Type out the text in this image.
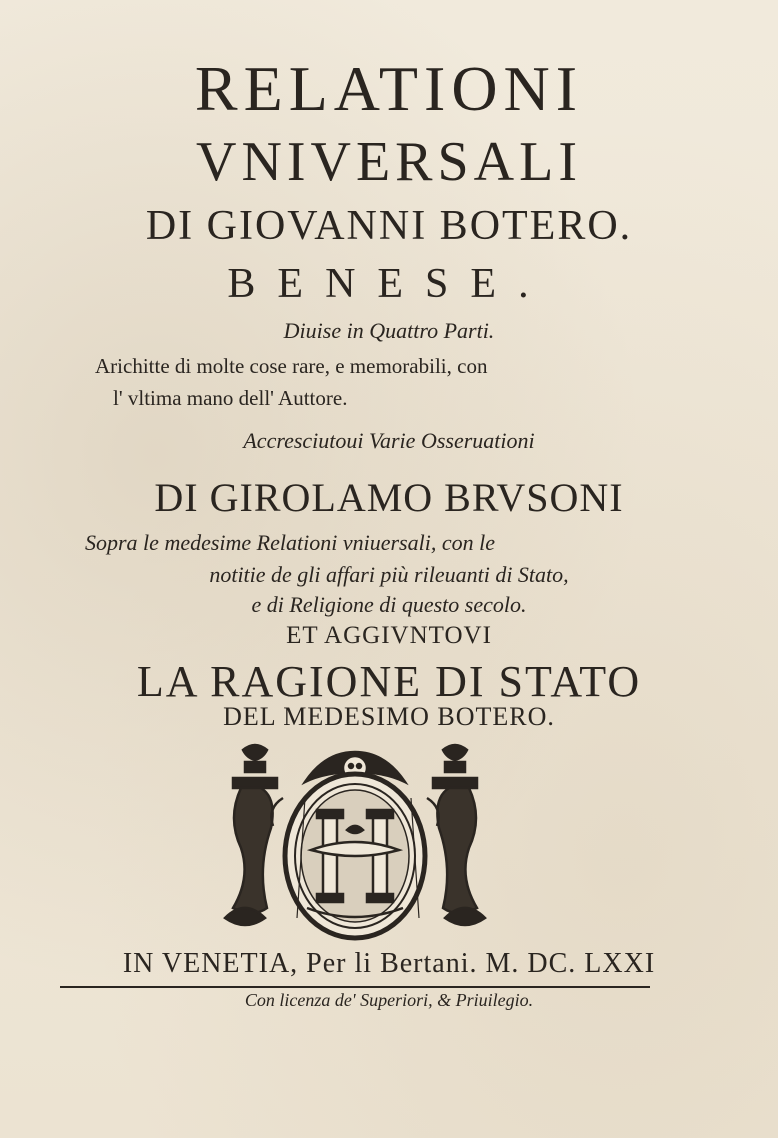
RELATIONI
VNIVERSALI
DI GIOVANNI BOTERO.
BENESE.
Diuise in Quattro Parti.
Arichitte di molte cose rare, e memorabili, con
l' vltima mano dell' Auttore.
Accresciutoui Varie Osseruationi
DI GIROLAMO BRVSONI
Sopra le medesime Relationi vniuersali, con le
notitie de gli affari più rileuanti di Stato,
e di Religione di questo secolo.
ET AGGIVNTOVI
LA RAGIONE DI STATO
DEL MEDESIMO BOTERO.
IN VENETIA, Per li Bertani. M. DC. LXXI
Con licenza de' Superiori, & Priuilegio.
